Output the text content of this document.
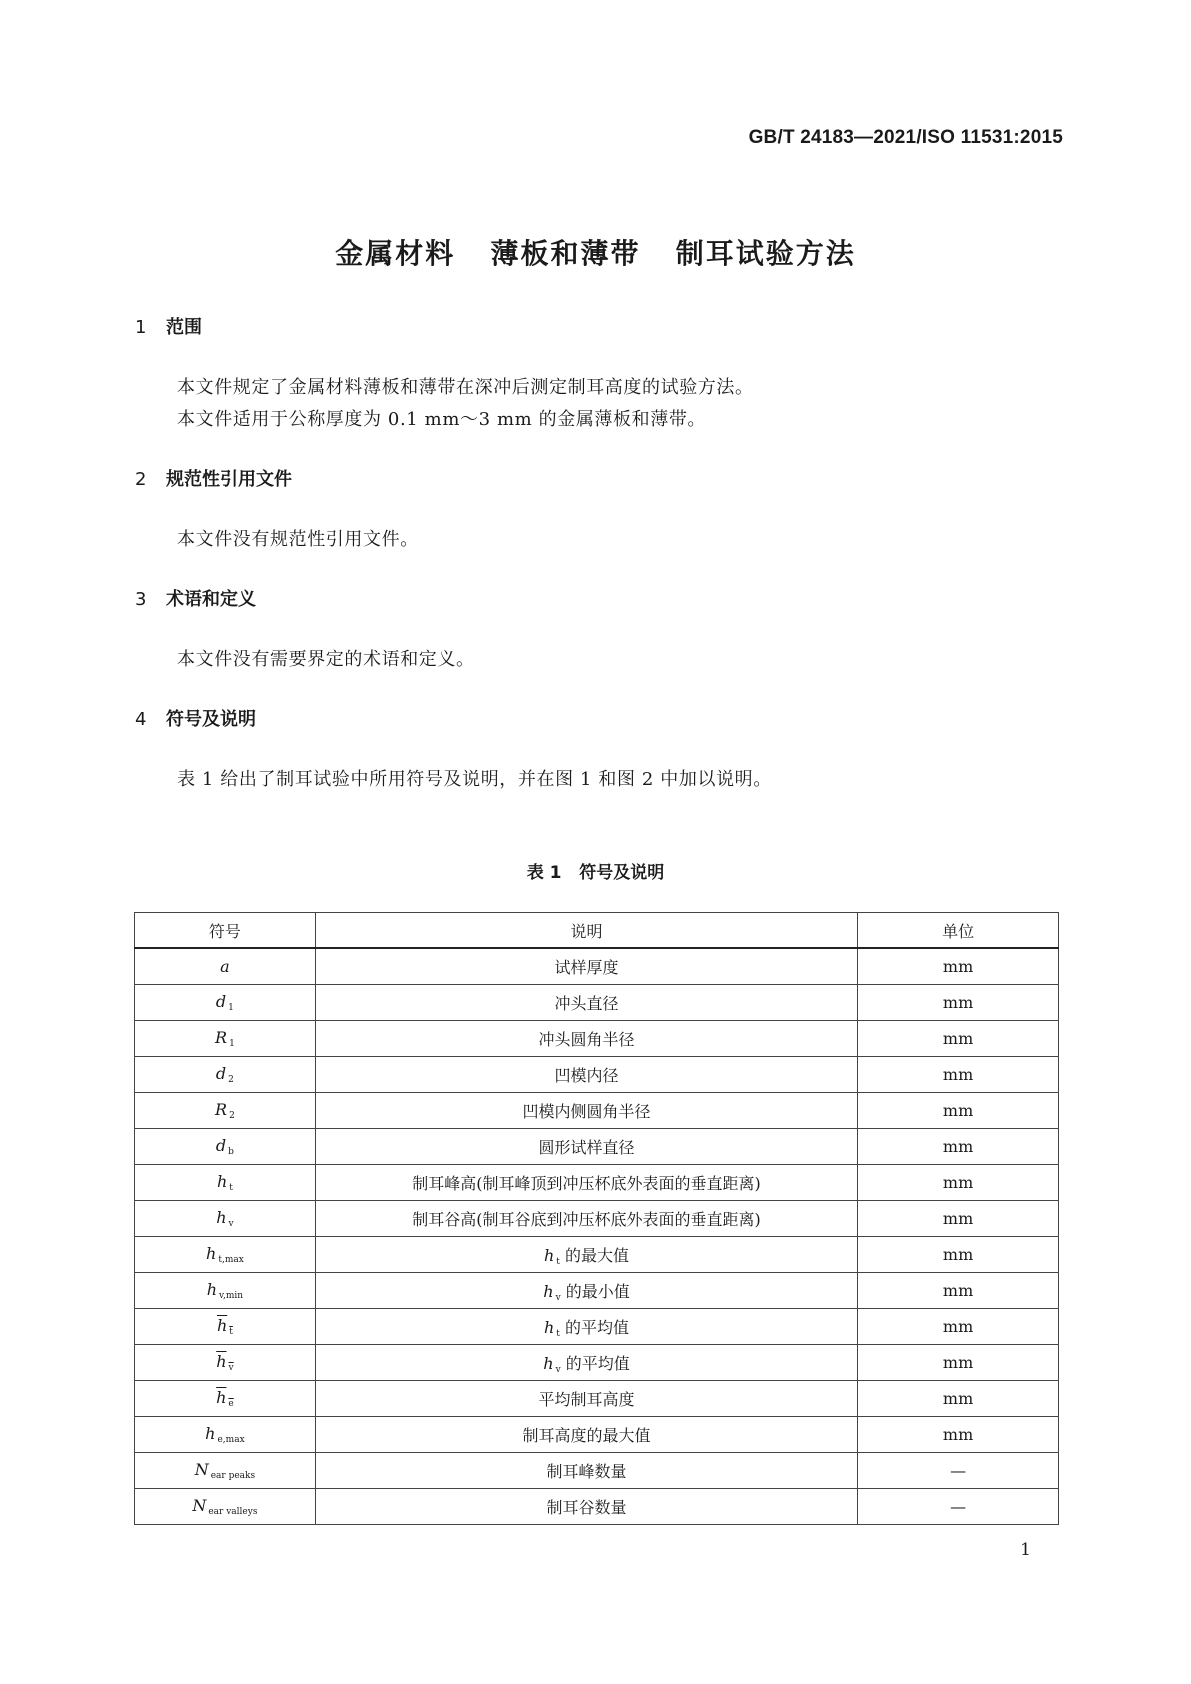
GB/T 24183—2021/ISO 11531:2015
金属材料   薄板和薄带   制耳试验方法
1 范围
本文件规定了金属材料薄板和薄带在深冲后测定制耳高度的试验方法。
本文件适用于公称厚度为 0.1 mm～3 mm 的金属薄板和薄带。
2 规范性引用文件
本文件没有规范性引用文件。
3 术语和定义
本文件没有需要界定的术语和定义。
4 符号及说明
表 1 给出了制耳试验中所用符号及说明，并在图 1 和图 2 中加以说明。
表 1   符号及说明
符号	说明	单位
a	试样厚度	mm
d $_1$	冲头直径	mm
R $_1$	冲头圆角半径	mm
d $_2$	凹模内径	mm
R $_2$	凹模内侧圆角半径	mm
d $_b$	圆形试样直径	mm
h $_t$	制耳峰高(制耳峰顶到冲压杯底外表面的垂直距离)	mm
h $_v$	制耳谷高(制耳谷底到冲压杯底外表面的垂直距离)	mm
h $_{t,max}$	h $_t$ 的最大值	mm
h $_{v,min}$	h $_v$ 的最小值	mm
h $_t$	h $_t$ 的平均值	mm
h $_v$	h $_v$ 的平均值	mm
h $_e$	平均制耳高度	mm
h $_{e,max}$	制耳高度的最大值	mm
N $_{ear peaks}$	制耳峰数量	—
N $_{ear valleys}$	制耳谷数量	—
1
